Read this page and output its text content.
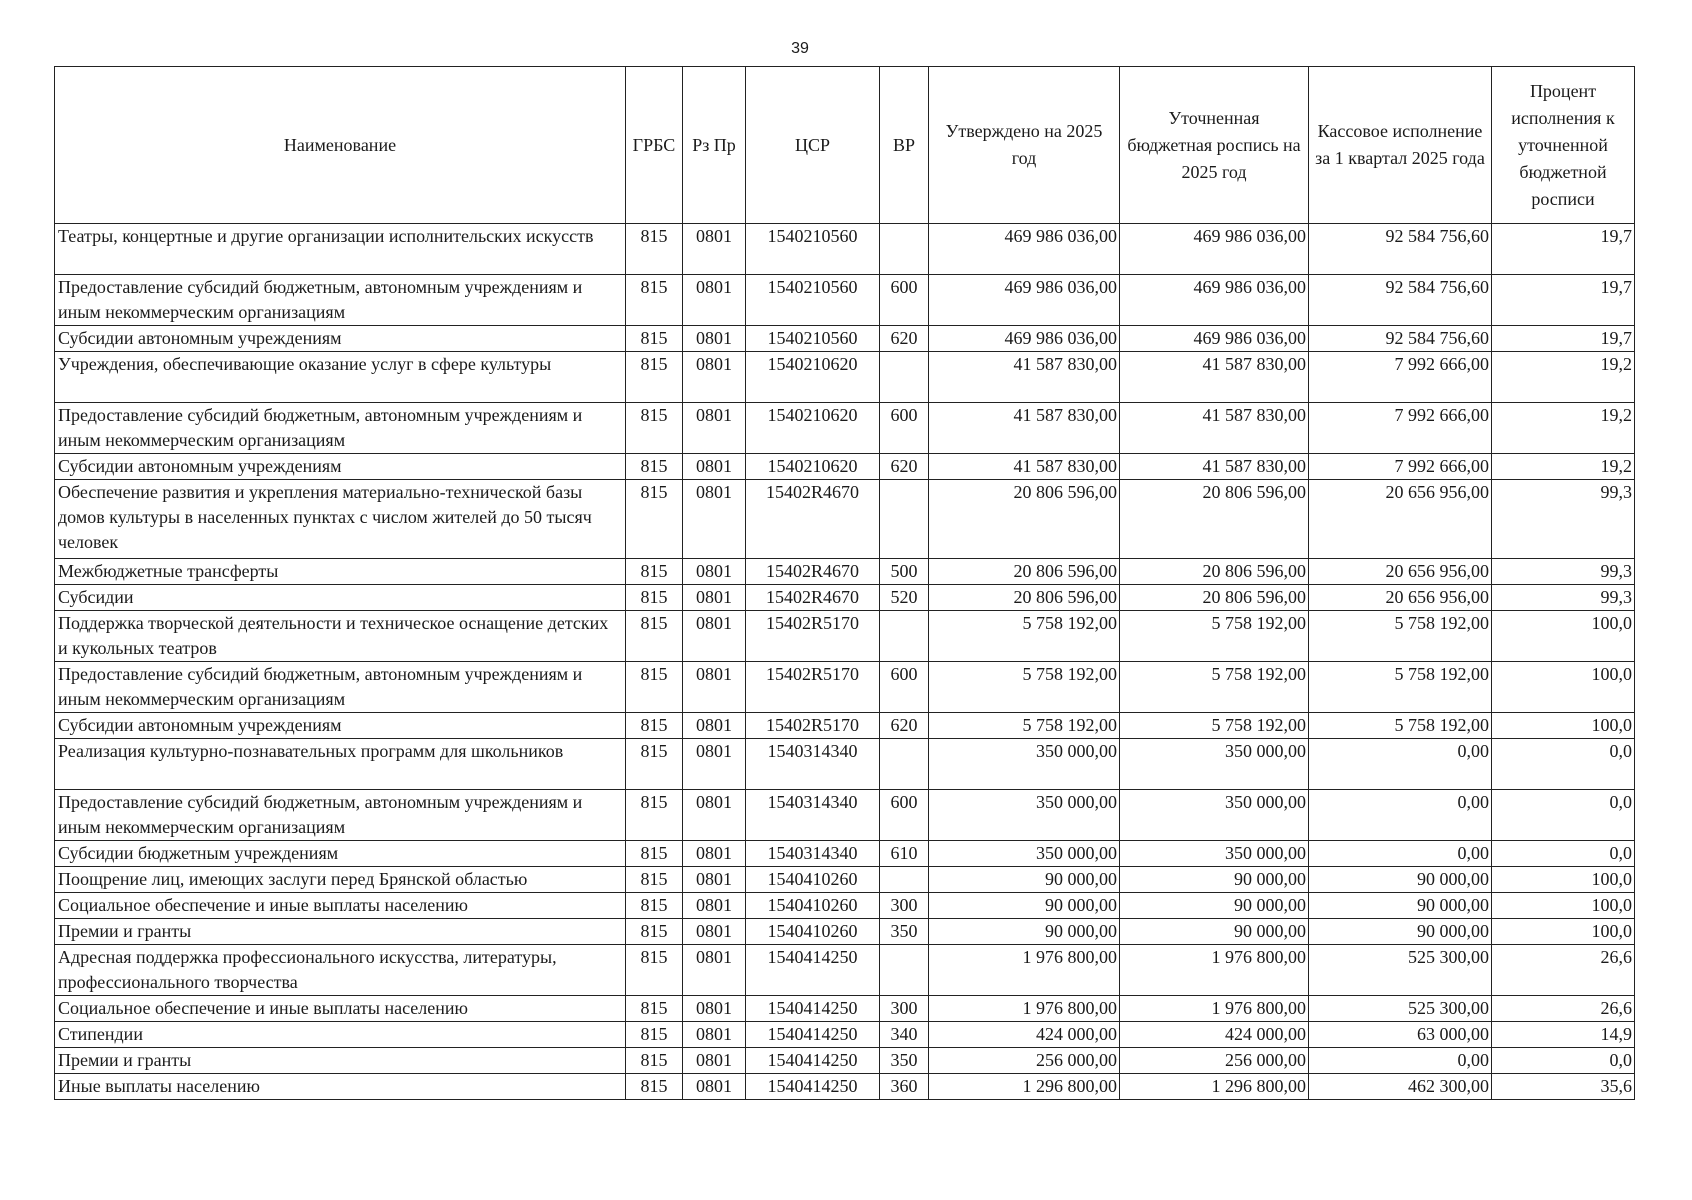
39
Наименование	ГРБС	Рз Пр	ЦСР	ВР	Утверждено на 2025 год	Уточненная бюджетная роспись на 2025 год	Кассовое исполнение за 1 квартал 2025 года	Процент исполнения к уточненной бюджетной росписи
Театры, концертные и другие организации исполнительских искусств	815	0801	1540210560		469 986 036,00	469 986 036,00	92 584 756,60	19,7
Предоставление субсидий бюджетным, автономным учреждениям и иным некоммерческим организациям	815	0801	1540210560	600	469 986 036,00	469 986 036,00	92 584 756,60	19,7
Субсидии автономным учреждениям	815	0801	1540210560	620	469 986 036,00	469 986 036,00	92 584 756,60	19,7
Учреждения, обеспечивающие оказание услуг в сфере культуры	815	0801	1540210620		41 587 830,00	41 587 830,00	7 992 666,00	19,2
Предоставление субсидий бюджетным, автономным учреждениям и иным некоммерческим организациям	815	0801	1540210620	600	41 587 830,00	41 587 830,00	7 992 666,00	19,2
Субсидии автономным учреждениям	815	0801	1540210620	620	41 587 830,00	41 587 830,00	7 992 666,00	19,2
Обеспечение развития и укрепления материально-технической базы домов культуры в населенных пунктах с числом жителей до 50 тысяч человек	815	0801	15402R4670		20 806 596,00	20 806 596,00	20 656 956,00	99,3
Межбюджетные трансферты	815	0801	15402R4670	500	20 806 596,00	20 806 596,00	20 656 956,00	99,3
Субсидии	815	0801	15402R4670	520	20 806 596,00	20 806 596,00	20 656 956,00	99,3
Поддержка творческой деятельности и техническое оснащение детских и кукольных театров	815	0801	15402R5170		5 758 192,00	5 758 192,00	5 758 192,00	100,0
Предоставление субсидий бюджетным, автономным учреждениям и иным некоммерческим организациям	815	0801	15402R5170	600	5 758 192,00	5 758 192,00	5 758 192,00	100,0
Субсидии автономным учреждениям	815	0801	15402R5170	620	5 758 192,00	5 758 192,00	5 758 192,00	100,0
Реализация культурно-познавательных программ для школьников	815	0801	1540314340		350 000,00	350 000,00	0,00	0,0
Предоставление субсидий бюджетным, автономным учреждениям и иным некоммерческим организациям	815	0801	1540314340	600	350 000,00	350 000,00	0,00	0,0
Субсидии бюджетным учреждениям	815	0801	1540314340	610	350 000,00	350 000,00	0,00	0,0
Поощрение лиц, имеющих заслуги перед Брянской областью	815	0801	1540410260		90 000,00	90 000,00	90 000,00	100,0
Социальное обеспечение и иные выплаты населению	815	0801	1540410260	300	90 000,00	90 000,00	90 000,00	100,0
Премии и гранты	815	0801	1540410260	350	90 000,00	90 000,00	90 000,00	100,0
Адресная поддержка профессионального искусства, литературы, профессионального творчества	815	0801	1540414250		1 976 800,00	1 976 800,00	525 300,00	26,6
Социальное обеспечение и иные выплаты населению	815	0801	1540414250	300	1 976 800,00	1 976 800,00	525 300,00	26,6
Стипендии	815	0801	1540414250	340	424 000,00	424 000,00	63 000,00	14,9
Премии и гранты	815	0801	1540414250	350	256 000,00	256 000,00	0,00	0,0
Иные выплаты населению	815	0801	1540414250	360	1 296 800,00	1 296 800,00	462 300,00	35,6
